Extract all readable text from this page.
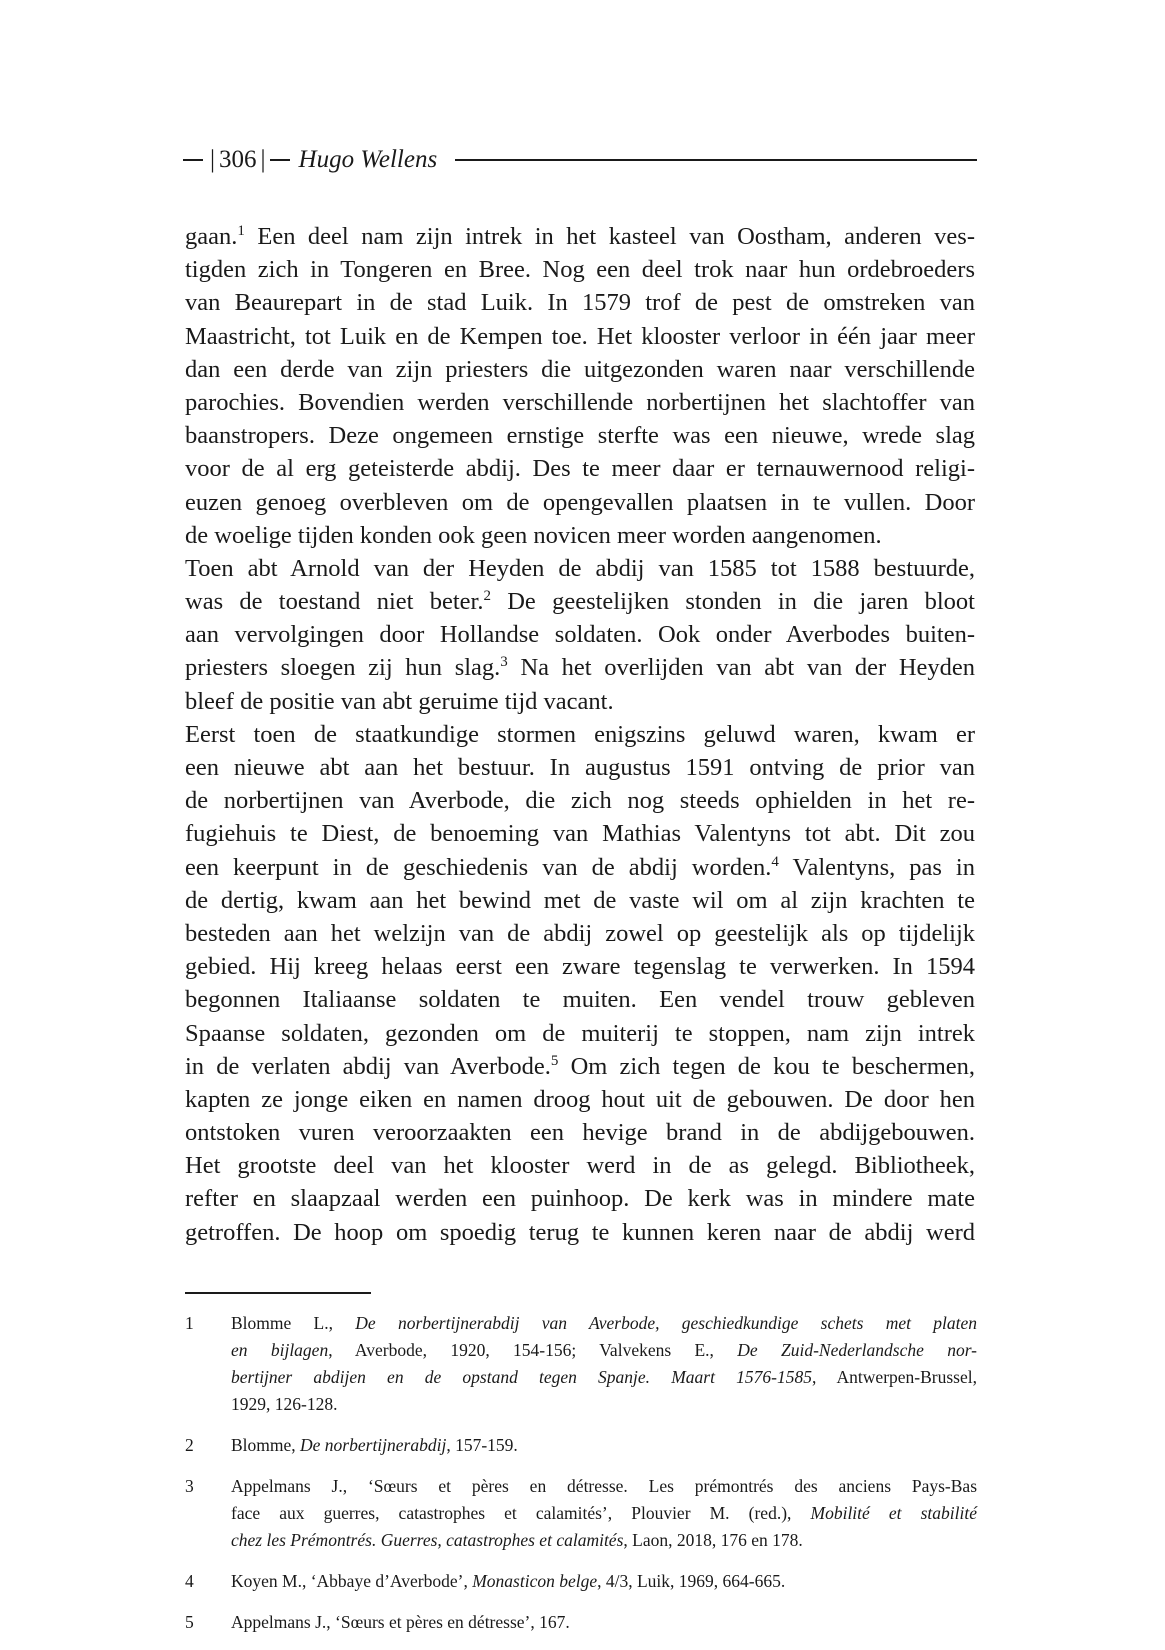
| 306 | Hugo Wellens
gaan.$^1$ Een deel nam zijn intrek in het kasteel van Oostham, anderen ves-
tigden zich in Tongeren en Bree. Nog een deel trok naar hun ordebroeders
van Beaurepart in de stad Luik. In 1579 trof de pest de omstreken van
Maastricht, tot Luik en de Kempen toe. Het klooster verloor in één jaar meer
dan een derde van zijn priesters die uitgezonden waren naar verschillende
parochies. Bovendien werden verschillende norbertijnen het slachtoffer van
baanstropers. Deze ongemeen ernstige sterfte was een nieuwe, wrede slag
voor de al erg geteisterde abdij. Des te meer daar er ternauwernood religi-
euzen genoeg overbleven om de opengevallen plaatsen in te vullen. Door
de woelige tijden konden ook geen novicen meer worden aangenomen.
Toen abt Arnold van der Heyden de abdij van 1585 tot 1588 bestuurde,
was de toestand niet beter.$^2$ De geestelijken stonden in die jaren bloot
aan vervolgingen door Hollandse soldaten. Ook onder Averbodes buiten-
priesters sloegen zij hun slag.$^3$ Na het overlijden van abt van der Heyden
bleef de positie van abt geruime tijd vacant.
Eerst toen de staatkundige stormen enigszins geluwd waren, kwam er
een nieuwe abt aan het bestuur. In augustus 1591 ontving de prior van
de norbertijnen van Averbode, die zich nog steeds ophielden in het re-
fugiehuis te Diest, de benoeming van Mathias Valentyns tot abt. Dit zou
een keerpunt in de geschiedenis van de abdij worden.$^4$ Valentyns, pas in
de dertig, kwam aan het bewind met de vaste wil om al zijn krachten te
besteden aan het welzijn van de abdij zowel op geestelijk als op tijdelijk
gebied. Hij kreeg helaas eerst een zware tegenslag te verwerken. In 1594
begonnen Italiaanse soldaten te muiten. Een vendel trouw gebleven
Spaanse soldaten, gezonden om de muiterij te stoppen, nam zijn intrek
in de verlaten abdij van Averbode.$^5$ Om zich tegen de kou te beschermen,
kapten ze jonge eiken en namen droog hout uit de gebouwen. De door hen
ontstoken vuren veroorzaakten een hevige brand in de abdijgebouwen.
Het grootste deel van het klooster werd in de as gelegd. Bibliotheek,
refter en slaapzaal werden een puinhoop. De kerk was in mindere mate
getroffen. De hoop om spoedig terug te kunnen keren naar de abdij werd
1 Blomme L., De norbertijnerabdij van Averbode, geschiedkundige schets met platen
en bijlagen, Averbode, 1920, 154-156; Valvekens E., De Zuid-Nederlandsche nor-
bertijner abdijen en de opstand tegen Spanje. Maart 1576-1585, Antwerpen-Brussel,
1929, 126-128.
2 Blomme, De norbertijnerabdij, 157-159.
3 Appelmans J., ‘Sœurs et pères en détresse. Les prémontrés des anciens Pays-Bas
face aux guerres, catastrophes et calamités’, Plouvier M. (red.), Mobilité et stabilité
chez les Prémontrés. Guerres, catastrophes et calamités, Laon, 2018, 176 en 178.
4 Koyen M., ‘Abbaye d’Averbode’, Monasticon belge, 4/3, Luik, 1969, 664-665.
5 Appelmans J., ‘Sœurs et pères en détresse’, 167.
